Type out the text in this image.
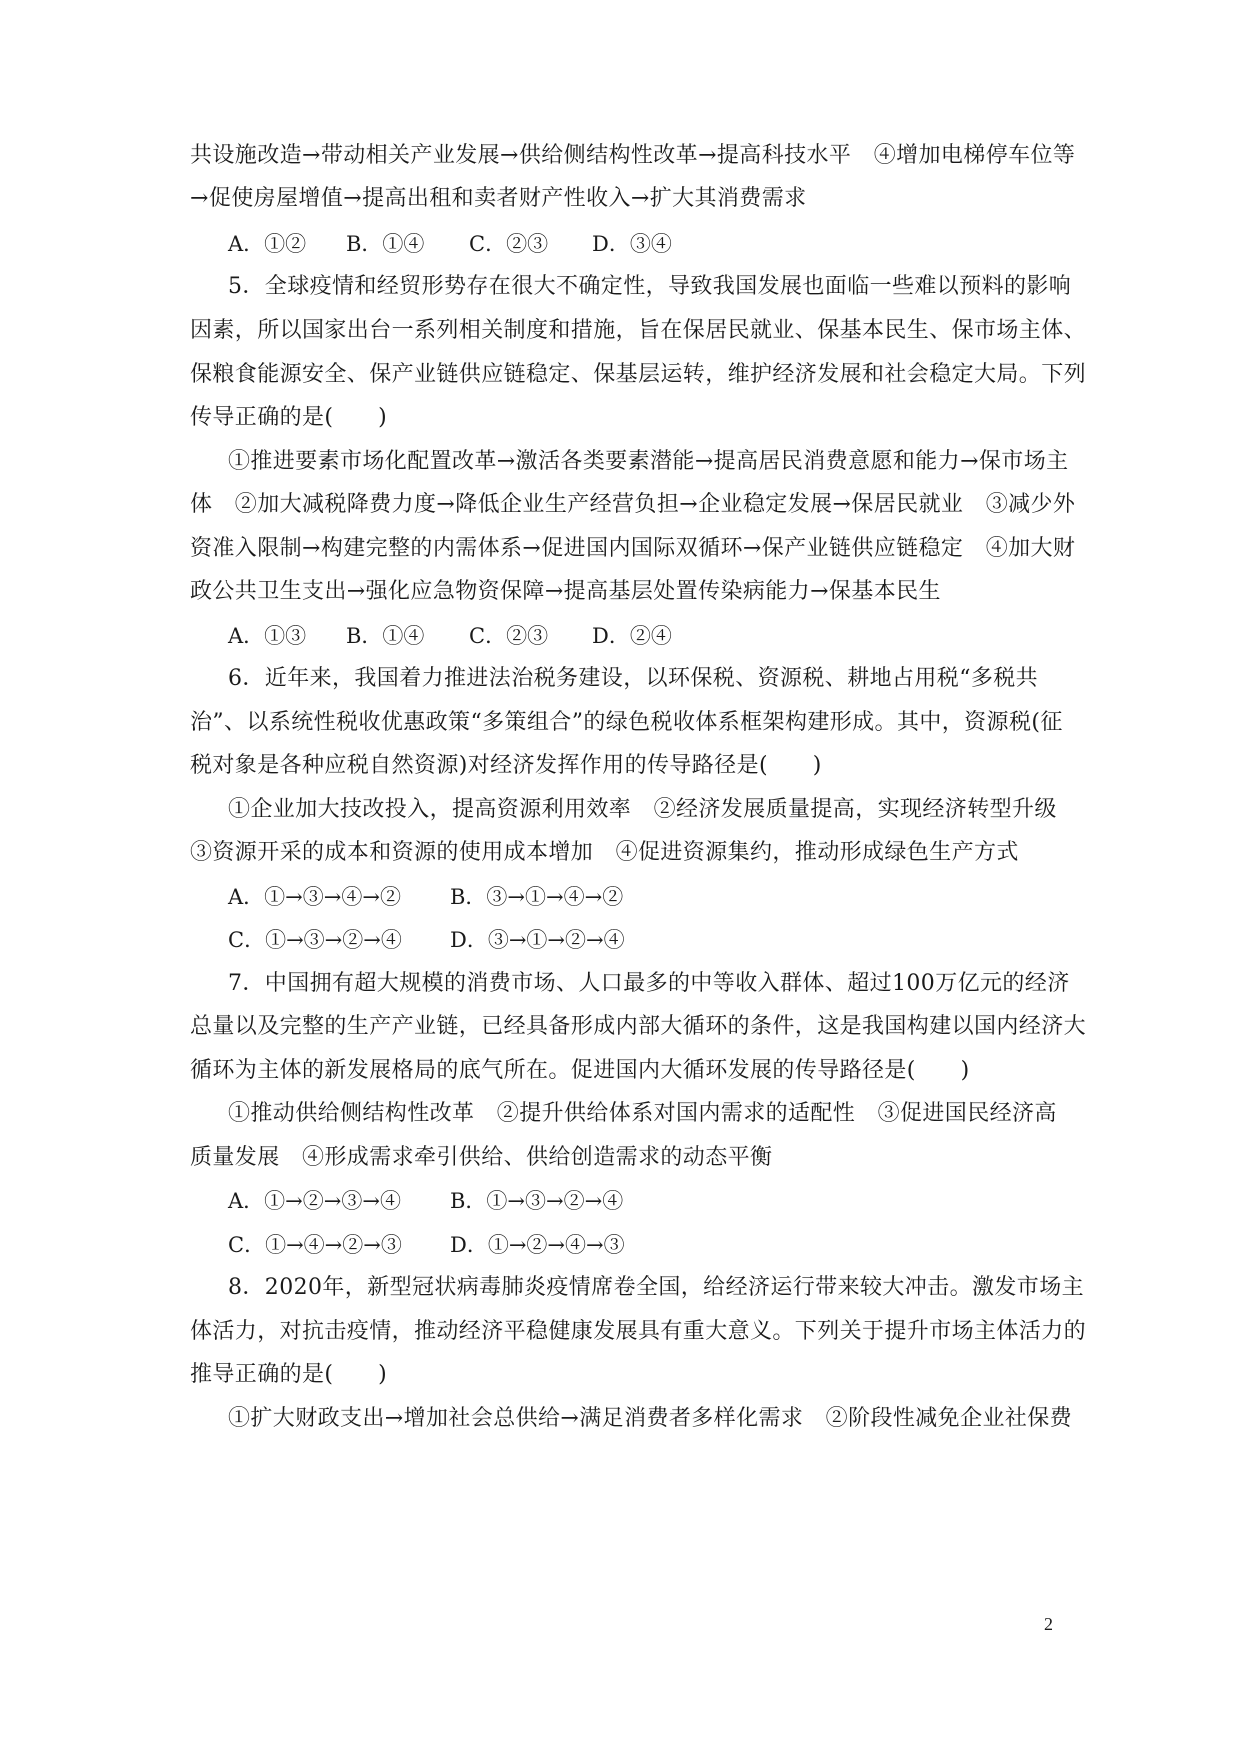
共设施改造→带动相关产业发展→供给侧结构性改革→提高科技水平　④增加电梯停车位等
→促使房屋增值→提高出租和卖者财产性收入→扩大其消费需求
A．①② B．①④ C．②③ D．③④
5．全球疫情和经贸形势存在很大不确定性，导致我国发展也面临一些难以预料的影响
因素，所以国家出台一系列相关制度和措施，旨在保居民就业、保基本民生、保市场主体、
保粮食能源安全、保产业链供应链稳定、保基层运转，维护经济发展和社会稳定大局。下列
传导正确的是(　　)
①推进要素市场化配置改革→激活各类要素潜能→提高居民消费意愿和能力→保市场主
体　②加大减税降费力度→降低企业生产经营负担→企业稳定发展→保居民就业　③减少外
资准入限制→构建完整的内需体系→促进国内国际双循环→保产业链供应链稳定　④加大财
政公共卫生支出→强化应急物资保障→提高基层处置传染病能力→保基本民生
A．①③ B．①④ C．②③ D．②④
6．近年来，我国着力推进法治税务建设，以环保税、资源税、耕地占用税“多税共
治”、以系统性税收优惠政策“多策组合”的绿色税收体系框架构建形成。其中，资源税(征
税对象是各种应税自然资源)对经济发挥作用的传导路径是(　　)
①企业加大技改投入，提高资源利用效率　②经济发展质量提高，实现经济转型升级
③资源开采的成本和资源的使用成本增加　④促进资源集约，推动形成绿色生产方式
A．①→③→④→② B．③→①→④→②
C．①→③→②→④ D．③→①→②→④
7．中国拥有超大规模的消费市场、人口最多的中等收入群体、超过100万亿元的经济
总量以及完整的生产产业链，已经具备形成内部大循环的条件，这是我国构建以国内经济大
循环为主体的新发展格局的底气所在。促进国内大循环发展的传导路径是(　　)
①推动供给侧结构性改革　②提升供给体系对国内需求的适配性　③促进国民经济高
质量发展　④形成需求牵引供给、供给创造需求的动态平衡
A．①→②→③→④ B．①→③→②→④
C．①→④→②→③ D．①→②→④→③
8．2020年，新型冠状病毒肺炎疫情席卷全国，给经济运行带来较大冲击。激发市场主
体活力，对抗击疫情，推动经济平稳健康发展具有重大意义。下列关于提升市场主体活力的
推导正确的是(　　)
①扩大财政支出→增加社会总供给→满足消费者多样化需求　②阶段性减免企业社保费
2
